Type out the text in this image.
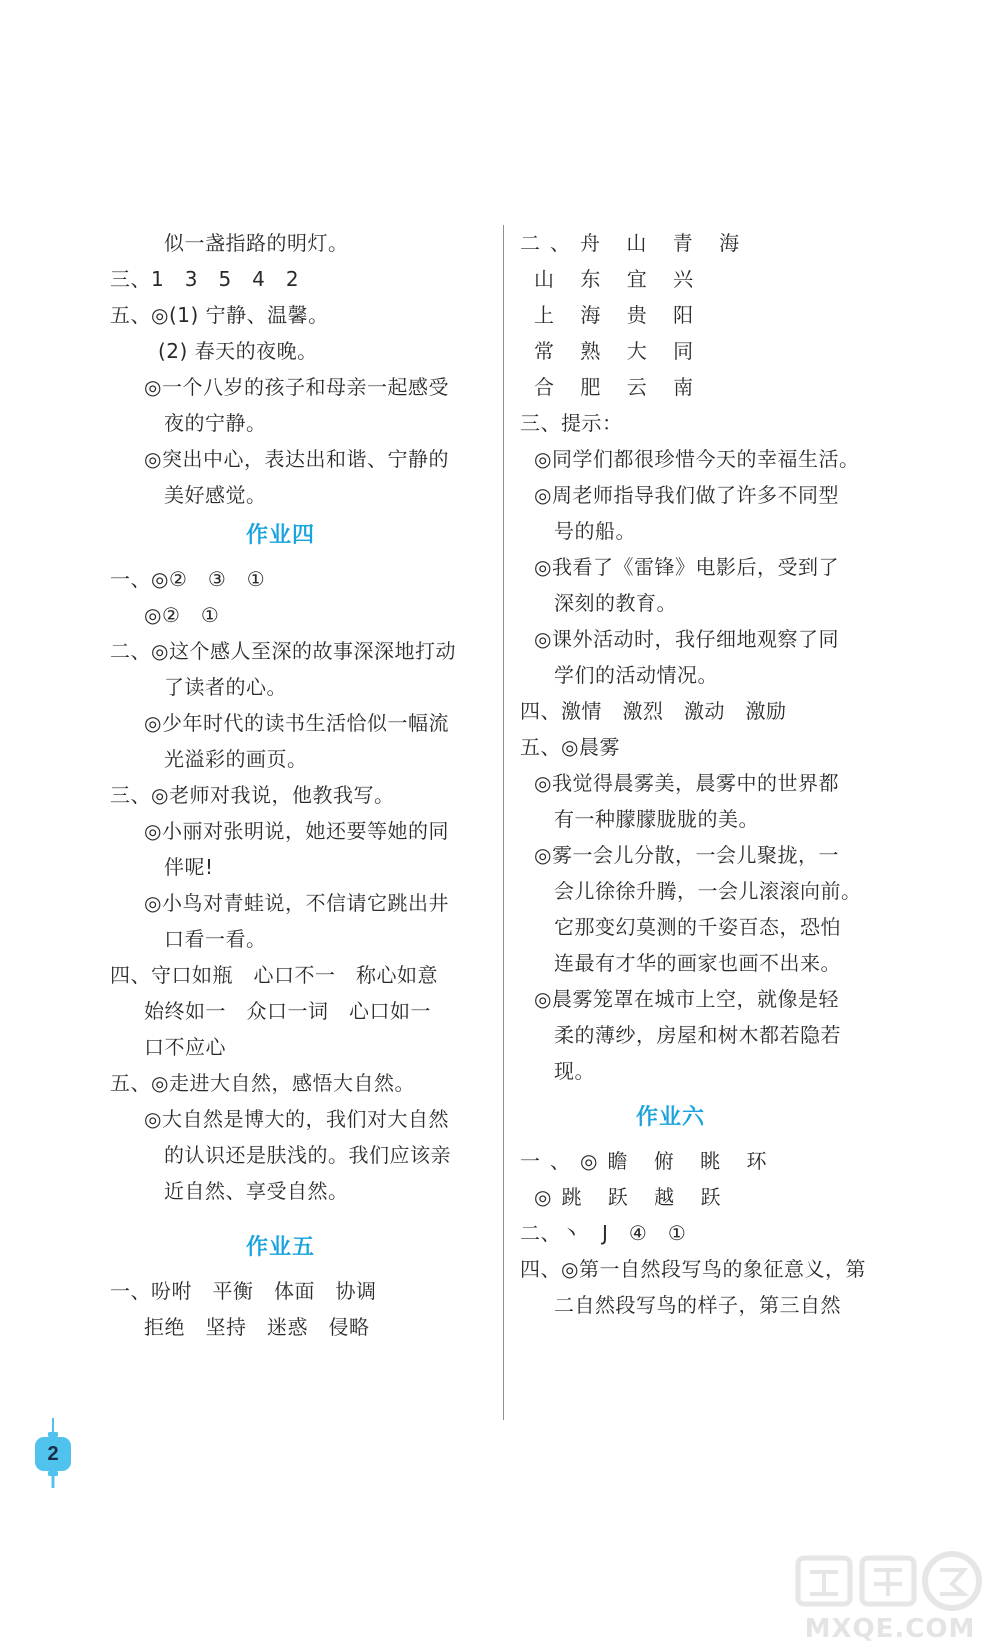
似一盏指路的明灯。
三、1　3　5　4　2
五、◎(1) 宁静、温馨。
(2) 春天的夜晚。
◎一个八岁的孩子和母亲一起感受
夜的宁静。
◎突出中心，表达出和谐、宁静的
美好感觉。
作业四
一、◎②　③　①
◎②　①
二、◎这个感人至深的故事深深地打动
了读者的心。
◎少年时代的读书生活恰似一幅流
光溢彩的画页。
三、◎老师对我说，他教我写。
◎小丽对张明说，她还要等她的同
伴呢!
◎小鸟对青蛙说，不信请它跳出井
口看一看。
四、守口如瓶　心口不一　称心如意
始终如一　众口一词　心口如一
口不应心
五、◎走进大自然，感悟大自然。
◎大自然是博大的，我们对大自然
的认识还是肤浅的。我们应该亲
近自然、享受自然。
作业五
一、吩咐　平衡　体面　协调
拒绝　坚持　迷惑　侵略
二、舟 山 青 海
山 东 宜 兴
上 海 贵 阳
常 熟 大 同
合 肥 云 南
三、提示：
◎同学们都很珍惜今天的幸福生活。
◎周老师指导我们做了许多不同型
号的船。
◎我看了《雷锋》电影后，受到了
深刻的教育。
◎课外活动时，我仔细地观察了同
学们的活动情况。
四、激情　激烈　激动　激励
五、◎晨雾
◎我觉得晨雾美，晨雾中的世界都
有一种朦朦胧胧的美。
◎雾一会儿分散，一会儿聚拢，一
会儿徐徐升腾，一会儿滚滚向前。
它那变幻莫测的千姿百态，恐怕
连最有才华的画家也画不出来。
◎晨雾笼罩在城市上空，就像是轻
柔的薄纱，房屋和树木都若隐若
现。
作业六
一、◎瞻 俯 眺 环
◎跳 跃 越 跃
二、丶　J　④　①
四、◎第一自然段写鸟的象征意义，第
二自然段写鸟的样子，第三自然
2
MXQE.COM
